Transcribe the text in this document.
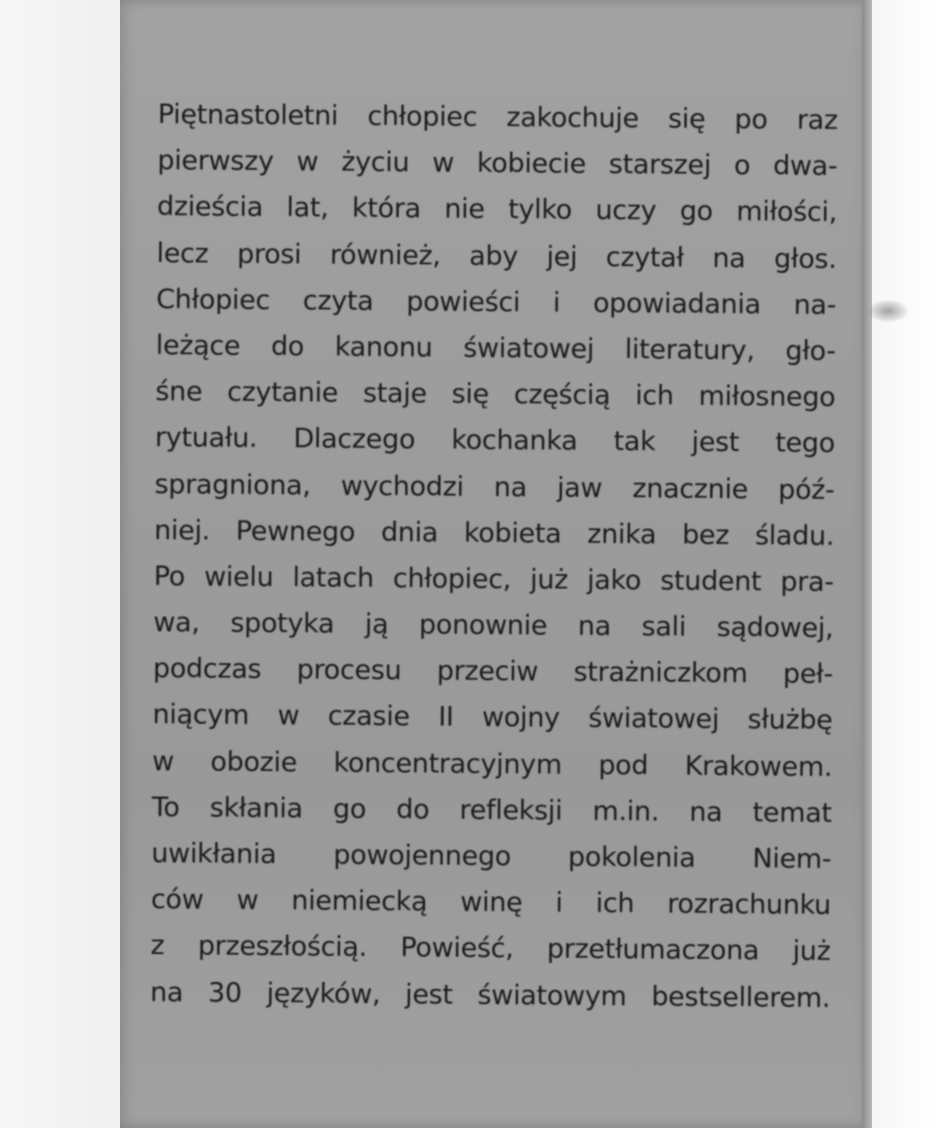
Piętnastoletni chłopiec zakochuje się po raz
pierwszy w życiu w kobiecie starszej o dwa-
dzieścia lat, która nie tylko uczy go miłości,
lecz prosi również, aby jej czytał na głos.
Chłopiec czyta powieści i opowiadania na-
leżące do kanonu światowej literatury, gło-
śne czytanie staje się częścią ich miłosnego
rytuału. Dlaczego kochanka tak jest tego
spragniona, wychodzi na jaw znacznie póź-
niej. Pewnego dnia kobieta znika bez śladu.
Po wielu latach chłopiec, już jako student pra-
wa, spotyka ją ponownie na sali sądowej,
podczas procesu przeciw strażniczkom peł-
niącym w czasie II wojny światowej służbę
w obozie koncentracyjnym pod Krakowem.
To skłania go do refleksji m.in. na temat
uwikłania powojennego pokolenia Niem-
ców w niemiecką winę i ich rozrachunku
z przeszłością. Powieść, przetłumaczona już
na 30 języków, jest światowym bestsellerem.
